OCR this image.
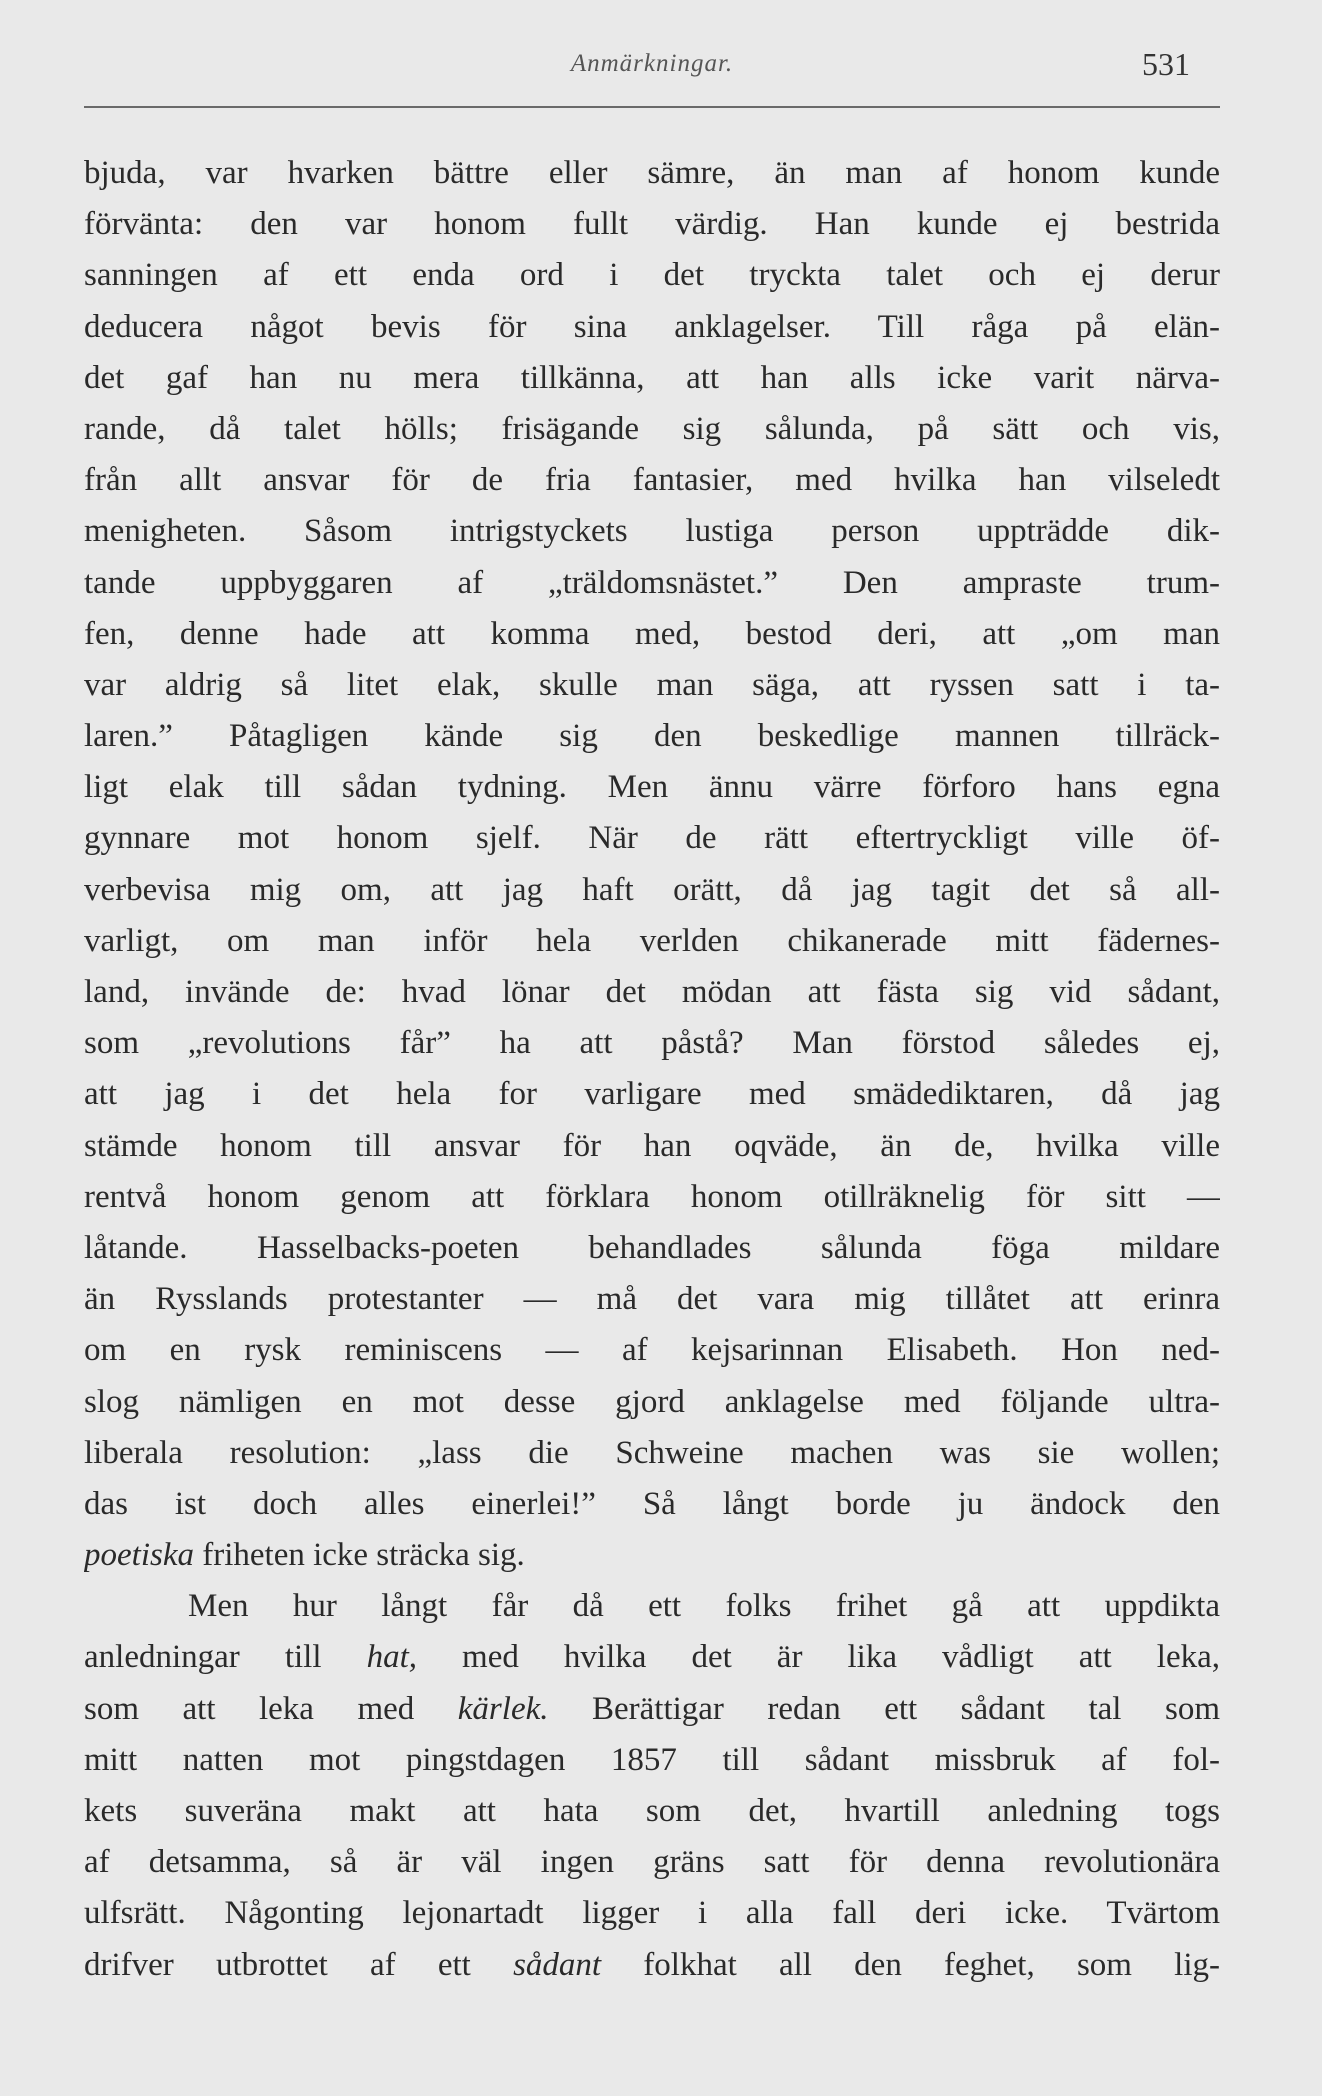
Anmärkningar.	531
bjuda, var hvarken bättre eller sämre, än man af honom kunde
förvänta: den var honom fullt värdig. Han kunde ej bestrida
sanningen af ett enda ord i det tryckta talet och ej derur
deducera något bevis för sina anklagelser. Till råga på elän-
det gaf han nu mera tillkänna, att han alls icke varit närva-
rande, då talet hölls; frisägande sig sålunda, på sätt och vis,
från allt ansvar för de fria fantasier, med hvilka han vilseledt
menigheten. Såsom intrigstyckets lustiga person uppträdde dik-
tande uppbyggaren af „träldomsnästet.” Den ampraste trum-
fen, denne hade att komma med, bestod deri, att „om man
var aldrig så litet elak, skulle man säga, att ryssen satt i ta-
laren.” Påtagligen kände sig den beskedlige mannen tillräck-
ligt elak till sådan tydning. Men ännu värre förforo hans egna
gynnare mot honom sjelf. När de rätt eftertryckligt ville öf-
verbevisa mig om, att jag haft orätt, då jag tagit det så all-
varligt, om man inför hela verlden chikanerade mitt fädernes-
land, invände de: hvad lönar det mödan att fästa sig vid sådant,
som „revolutions får” ha att påstå? Man förstod således ej,
att jag i det hela for varligare med smädediktaren, då jag
stämde honom till ansvar för han oqväde, än de, hvilka ville
rentvå honom genom att förklara honom otillräknelig för sitt —
låtande. Hasselbacks-poeten behandlades sålunda föga mildare
än Rysslands protestanter — må det vara mig tillåtet att erinra
om en rysk reminiscens — af kejsarinnan Elisabeth. Hon ned-
slog nämligen en mot desse gjord anklagelse med följande ultra-
liberala resolution: „lass die Schweine machen was sie wollen;
das ist doch alles einerlei!” Så långt borde ju ändock den
poetiska friheten icke sträcka sig.
Men hur långt får då ett folks frihet gå att uppdikta
anledningar till hat, med hvilka det är lika vådligt att leka,
som att leka med kärlek. Berättigar redan ett sådant tal som
mitt natten mot pingstdagen 1857 till sådant missbruk af fol-
kets suveräna makt att hata som det, hvartill anledning togs
af detsamma, så är väl ingen gräns satt för denna revolutionära
ulfsrätt. Någonting lejonartadt ligger i alla fall deri icke. Tvärtom
drifver utbrottet af ett sådant folkhat all den feghet, som lig-
